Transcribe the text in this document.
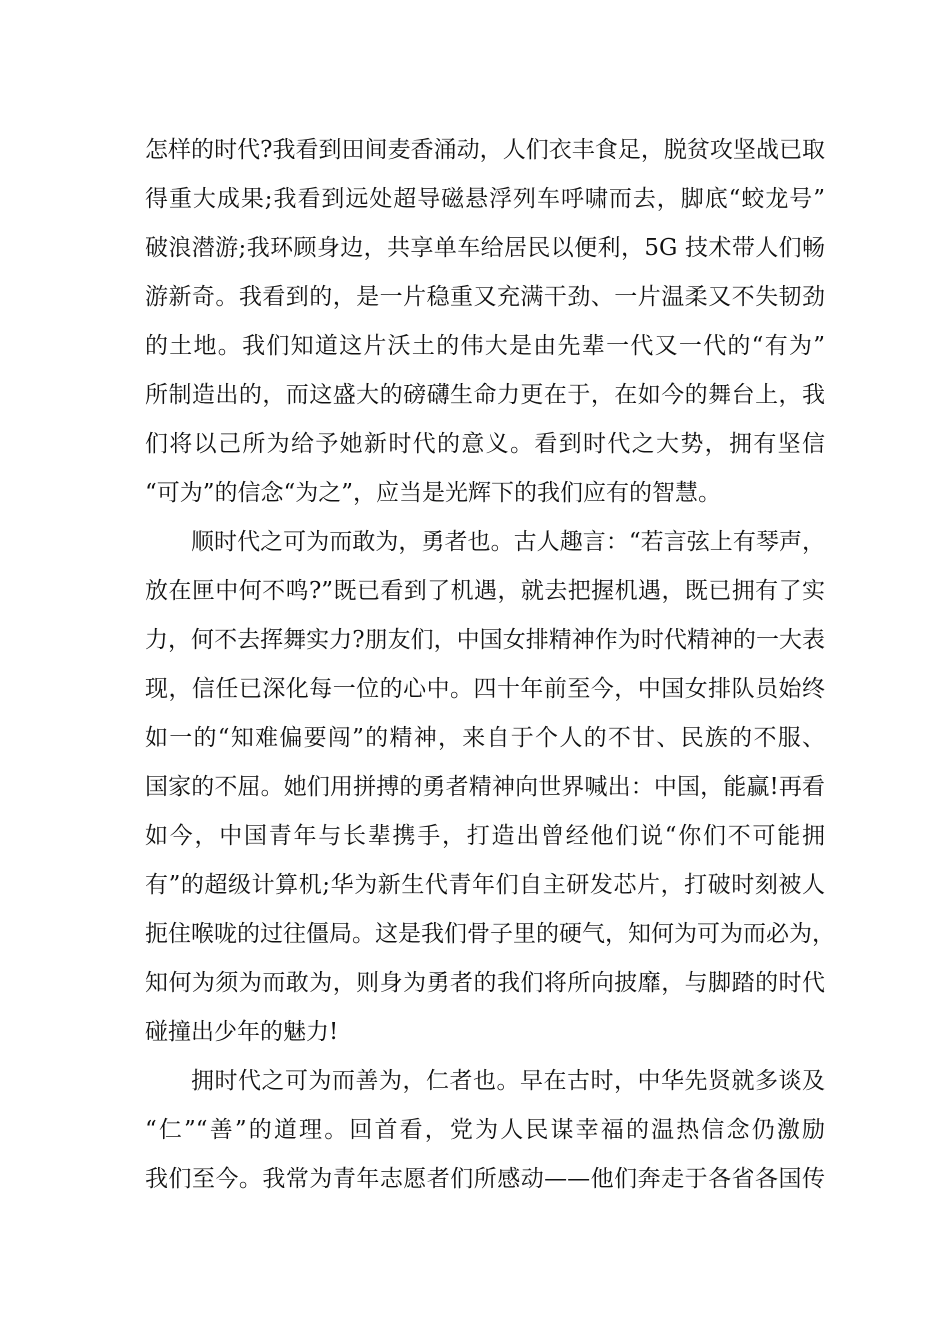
怎样的时代?我看到田间麦香涌动，人们衣丰食足，脱贫攻坚战已取
得重大成果;我看到远处超导磁悬浮列车呼啸而去，脚底“蛟龙号”
破浪潜游;我环顾身边，共享单车给居民以便利，5G 技术带人们畅
游新奇。我看到的，是一片稳重又充满干劲、一片温柔又不失韧劲
的土地。我们知道这片沃土的伟大是由先辈一代又一代的“有为”
所制造出的，而这盛大的磅礴生命力更在于，在如今的舞台上，我
们将以己所为给予她新时代的意义。看到时代之大势，拥有坚信
“可为”的信念“为之”，应当是光辉下的我们应有的智慧。
顺时代之可为而敢为，勇者也。古人趣言：“若言弦上有琴声，
放在匣中何不鸣?”既已看到了机遇，就去把握机遇，既已拥有了实
力，何不去挥舞实力?朋友们，中国女排精神作为时代精神的一大表
现，信任已深化每一位的心中。四十年前至今，中国女排队员始终
如一的“知难偏要闯”的精神，来自于个人的不甘、民族的不服、
国家的不屈。她们用拼搏的勇者精神向世界喊出：中国，能赢!再看
如今，中国青年与长辈携手，打造出曾经他们说“你们不可能拥
有”的超级计算机;华为新生代青年们自主研发芯片，打破时刻被人
扼住喉咙的过往僵局。这是我们骨子里的硬气，知何为可为而必为，
知何为须为而敢为，则身为勇者的我们将所向披靡，与脚踏的时代
碰撞出少年的魅力!
拥时代之可为而善为，仁者也。早在古时，中华先贤就多谈及
“仁”“善”的道理。回首看，党为人民谋幸福的温热信念仍激励
我们至今。我常为青年志愿者们所感动——他们奔走于各省各国传
